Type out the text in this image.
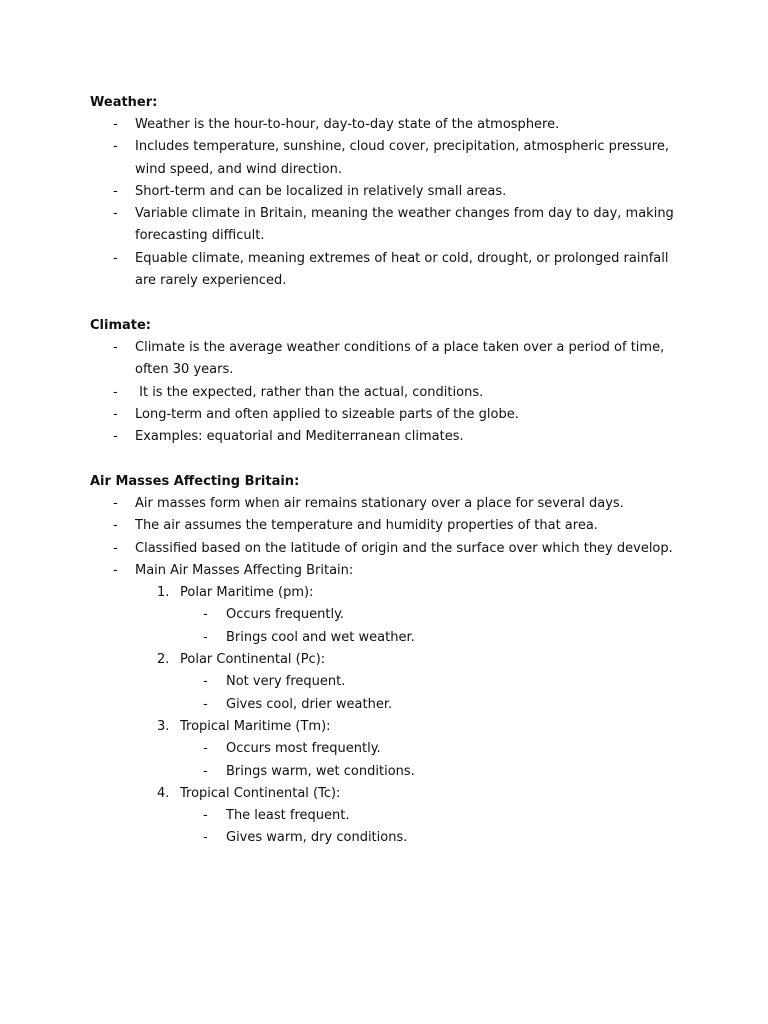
Weather:
-	Weather is the hour-to-hour, day-to-day state of the atmosphere.
-	Includes temperature, sunshine, cloud cover, precipitation, atmospheric pressure, wind speed, and wind direction.
-	Short-term and can be localized in relatively small areas.
-	Variable climate in Britain, meaning the weather changes from day to day, making forecasting difficult.
-	Equable climate, meaning extremes of heat or cold, drought, or prolonged rainfall are rarely experienced.
Climate:
-	Climate is the average weather conditions of a place taken over a period of time, often 30 years.
-	It is the expected, rather than the actual, conditions.
-	Long-term and often applied to sizeable parts of the globe.
-	Examples: equatorial and Mediterranean climates.
Air Masses Affecting Britain:
-	Air masses form when air remains stationary over a place for several days.
-	The air assumes the temperature and humidity properties of that area.
-	Classified based on the latitude of origin and the surface over which they develop.
-	Main Air Masses Affecting Britain:
1. Polar Maritime (pm):
-	Occurs frequently.
-	Brings cool and wet weather.
2. Polar Continental (Pc):
-	Not very frequent.
-	Gives cool, drier weather.
3. Tropical Maritime (Tm):
-	Occurs most frequently.
-	Brings warm, wet conditions.
4. Tropical Continental (Tc):
-	The least frequent.
-	Gives warm, dry conditions.
